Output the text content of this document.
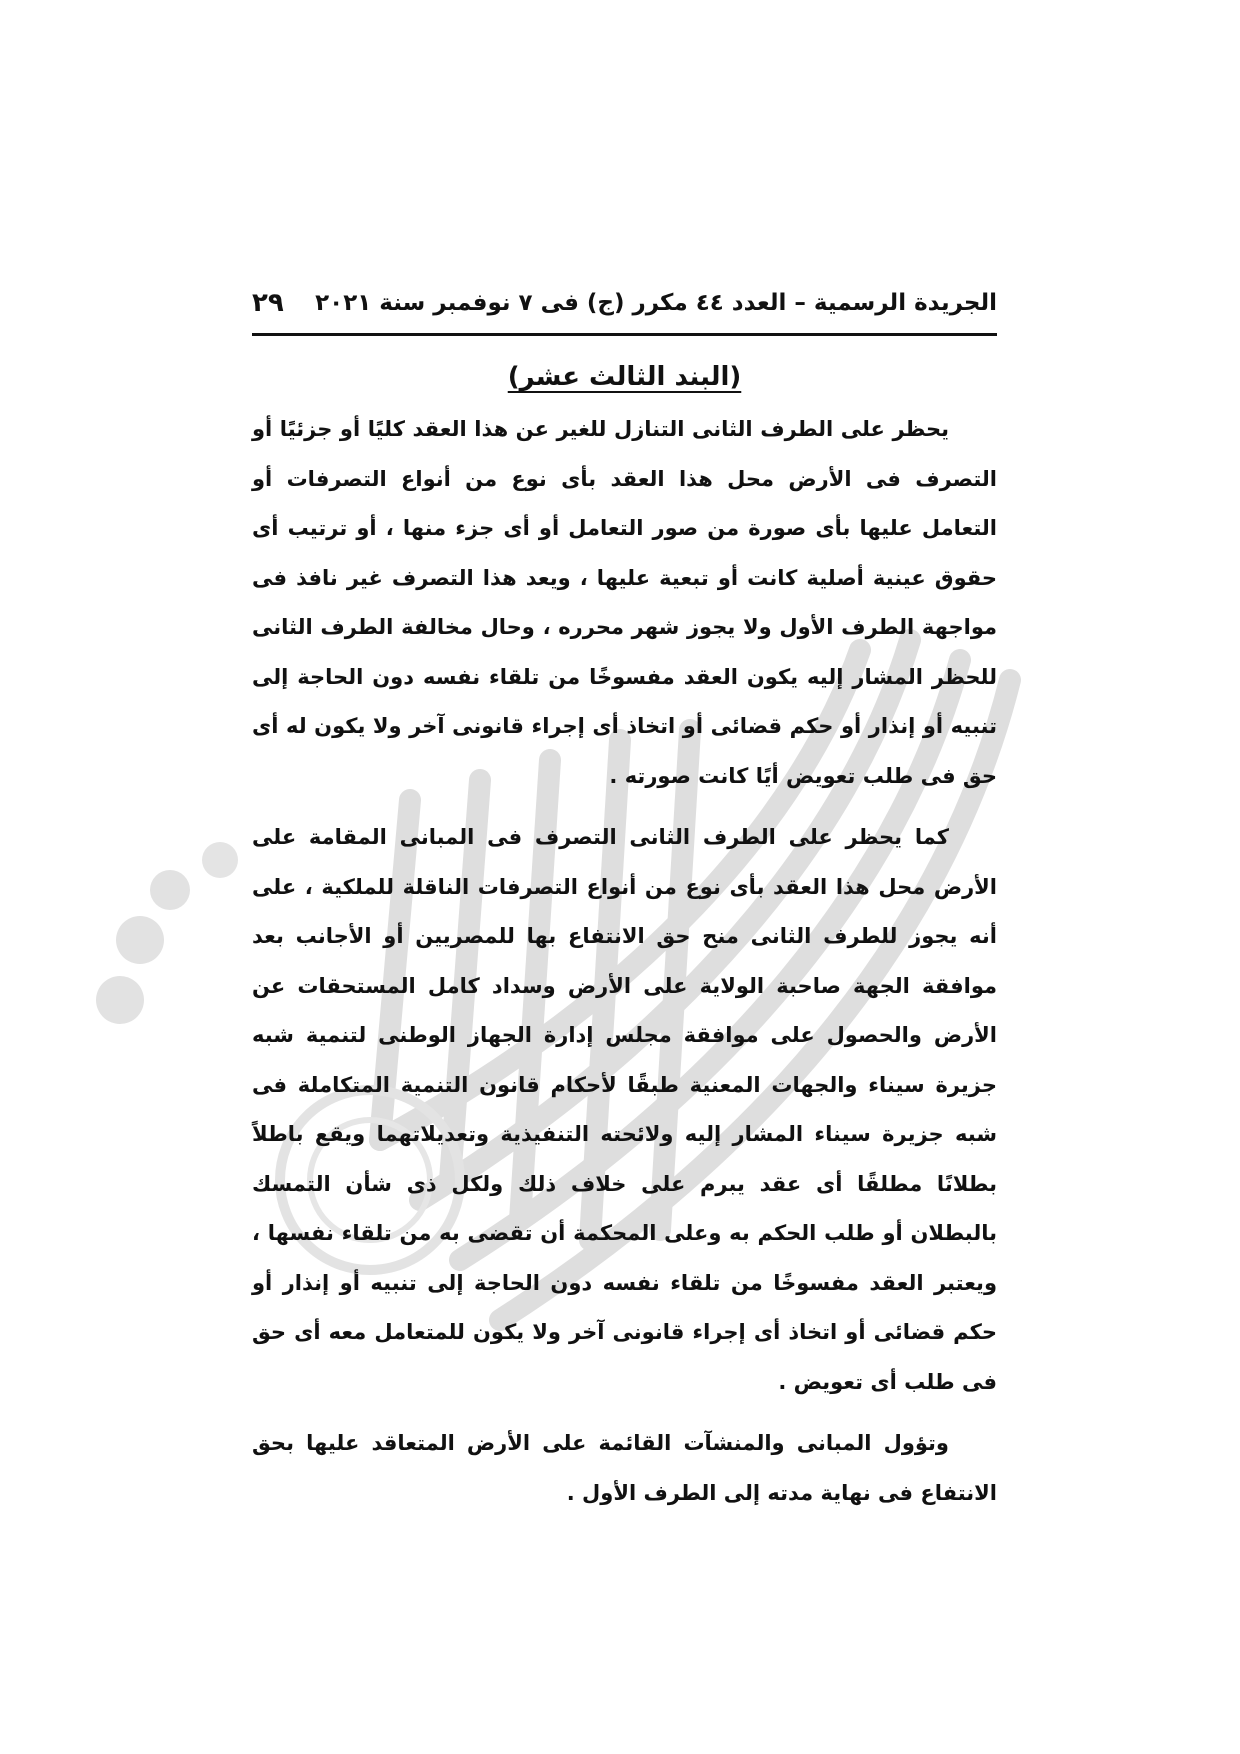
الجريدة الرسمية – العدد ٤٤ مكرر (ج) فى ٧ نوفمبر سنة ٢٠٢١
٢٩
(البند الثالث عشر)

يحظر على الطرف الثانى التنازل للغير عن هذا العقد كليًا أو جزئيًا أو التصرف فى الأرض محل هذا العقد بأى نوع من أنواع التصرفات أو التعامل عليها بأى صورة من صور التعامل أو أى جزء منها ، أو ترتيب أى حقوق عينية أصلية كانت أو تبعية عليها ، ويعد هذا التصرف غير نافذ فى مواجهة الطرف الأول ولا يجوز شهر محرره ، وحال مخالفة الطرف الثانى للحظر المشار إليه يكون العقد مفسوخًا من تلقاء نفسه دون الحاجة إلى تنبيه أو إنذار أو حكم قضائى أو اتخاذ أى إجراء قانونى آخر ولا يكون له أى حق فى طلب تعويض أيًا كانت صورته .

كما يحظر على الطرف الثانى التصرف فى المبانى المقامة على الأرض محل هذا العقد بأى نوع من أنواع التصرفات الناقلة للملكية ، على أنه يجوز للطرف الثانى منح حق الانتفاع بها للمصريين أو الأجانب بعد موافقة الجهة صاحبة الولاية على الأرض وسداد كامل المستحقات عن الأرض والحصول على موافقة مجلس إدارة الجهاز الوطنى لتنمية شبه جزيرة سيناء والجهات المعنية طبقًا لأحكام قانون التنمية المتكاملة فى شبه جزيرة سيناء المشار إليه ولائحته التنفيذية وتعديلاتهما ويقع باطلاً بطلانًا مطلقًا أى عقد يبرم على خلاف ذلك ولكل ذى شأن التمسك بالبطلان أو طلب الحكم به وعلى المحكمة أن تقضى به من تلقاء نفسها ، ويعتبر العقد مفسوخًا من تلقاء نفسه دون الحاجة إلى تنبيه أو إنذار أو حكم قضائى أو اتخاذ أى إجراء قانونى آخر ولا يكون للمتعامل معه أى حق فى طلب أى تعويض .

وتؤول المبانى والمنشآت القائمة على الأرض المتعاقد عليها بحق الانتفاع فى نهاية مدته إلى الطرف الأول .
